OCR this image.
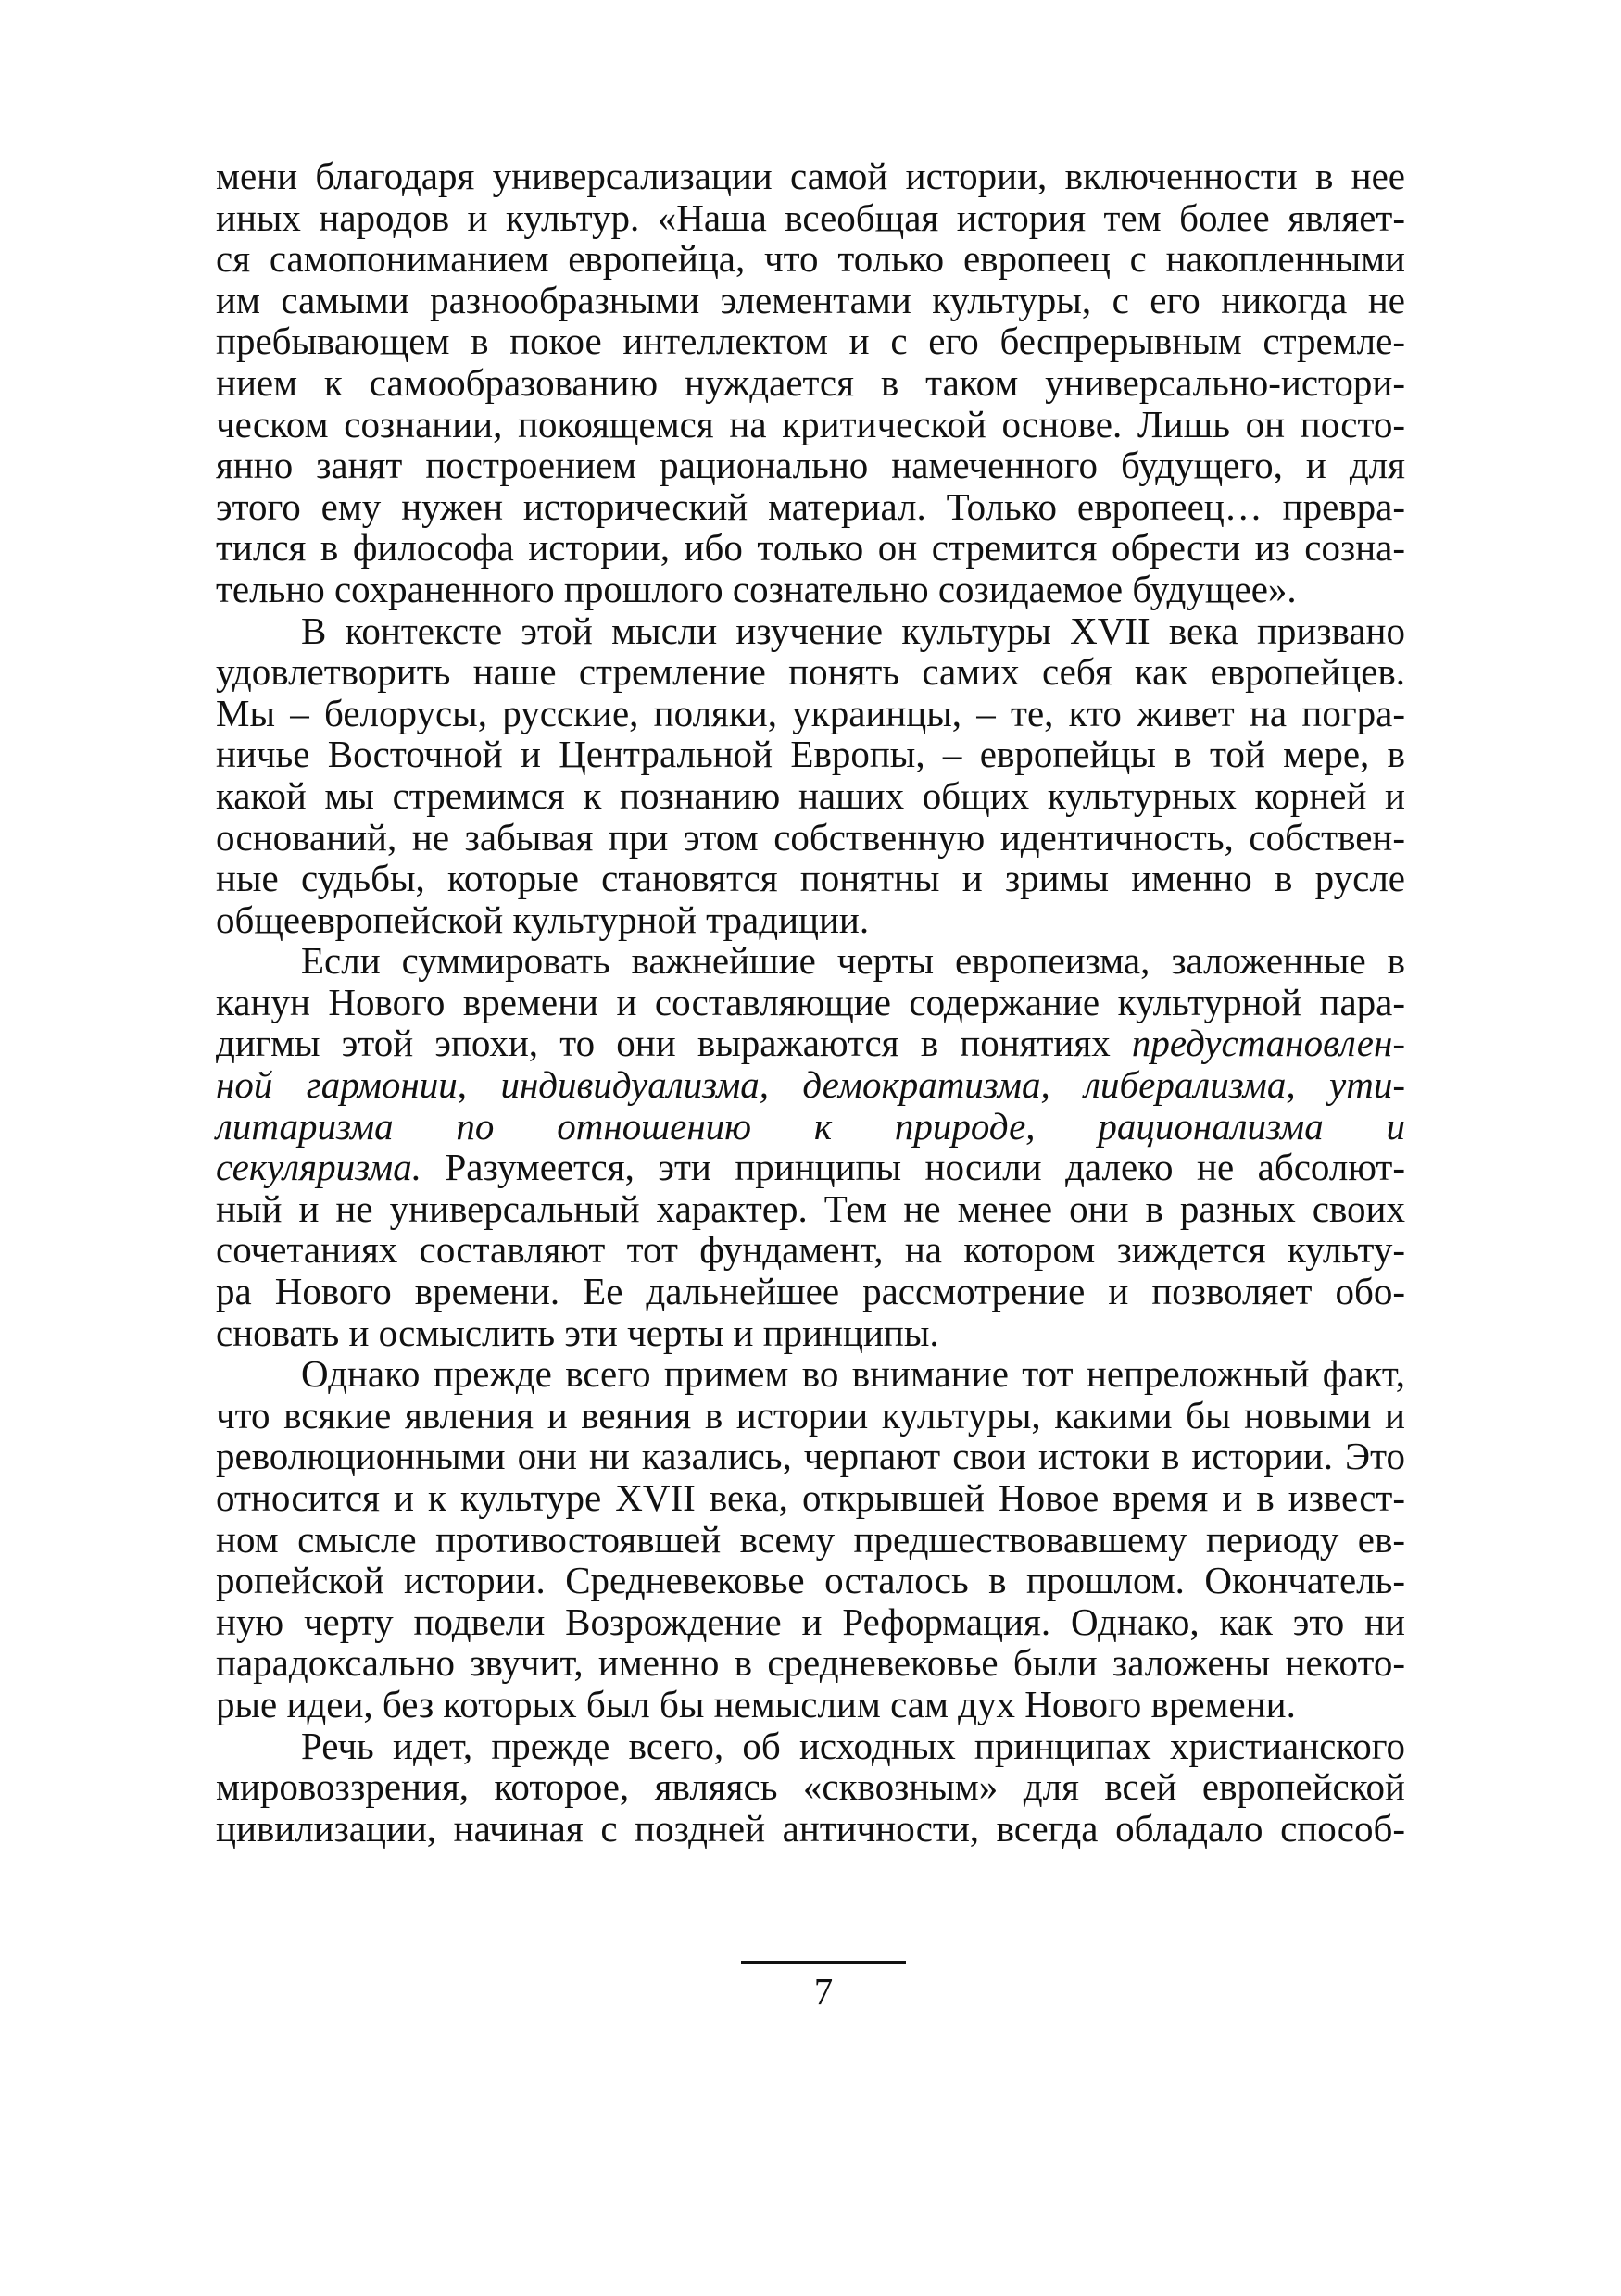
мени благодаря универсализации самой истории, включенности в нее
иных народов и культур. «Наша всеобщая история тем более являет-
ся самопониманием европейца, что только европеец с накопленными
им самыми разнообразными элементами культуры, с его никогда не
пребывающем в покое интеллектом и с его беспрерывным стремле-
нием к самообразованию нуждается в таком универсально-истори-
ческом сознании, покоящемся на критической основе. Лишь он посто-
янно занят построением рационально намеченного будущего, и для
этого ему нужен исторический материал. Только европеец… превра-
тился в философа истории, ибо только он стремится обрести из созна-
тельно сохраненного прошлого сознательно созидаемое будущее».
В контексте этой мысли изучение культуры XVII века призвано
удовлетворить наше стремление понять самих себя как европейцев.
Мы – белорусы, русские, поляки, украинцы, – те, кто живет на погра-
ничье Восточной и Центральной Европы, – европейцы в той мере, в
какой мы стремимся к познанию наших общих культурных корней и
оснований, не забывая при этом собственную идентичность, собствен-
ные судьбы, которые становятся понятны и зримы именно в русле
общеевропейской культурной традиции.
Если суммировать важнейшие черты европеизма, заложенные в
канун Нового времени и составляющие содержание культурной пара-
дигмы этой эпохи, то они выражаются в понятиях предустановлен-
ной гармонии, индивидуализма, демократизма, либерализма, ути-
литаризма по отношению к природе, рационализма и
секуляризма. Разумеется, эти принципы носили далеко не абсолют-
ный и не универсальный характер. Тем не менее они в разных своих
сочетаниях составляют тот фундамент, на котором зиждется культу-
ра Нового времени. Ее дальнейшее рассмотрение и позволяет обо-
сновать и осмыслить эти черты и принципы.
Однако прежде всего примем во внимание тот непреложный факт,
что всякие явления и веяния в истории культуры, какими бы новыми и
революционными они ни казались, черпают свои истоки в истории. Это
относится и к культуре XVII века, открывшей Новое время и в извест-
ном смысле противостоявшей всему предшествовавшему периоду ев-
ропейской истории. Средневековье осталось в прошлом. Окончатель-
ную черту подвели Возрождение и Реформация. Однако, как это ни
парадоксально звучит, именно в средневековье были заложены некото-
рые идеи, без которых был бы немыслим сам дух Нового времени.
Речь идет, прежде всего, об исходных принципах христианского
мировоззрения, которое, являясь «сквозным» для всей европейской
цивилизации, начиная с поздней античности, всегда обладало способ-
7
